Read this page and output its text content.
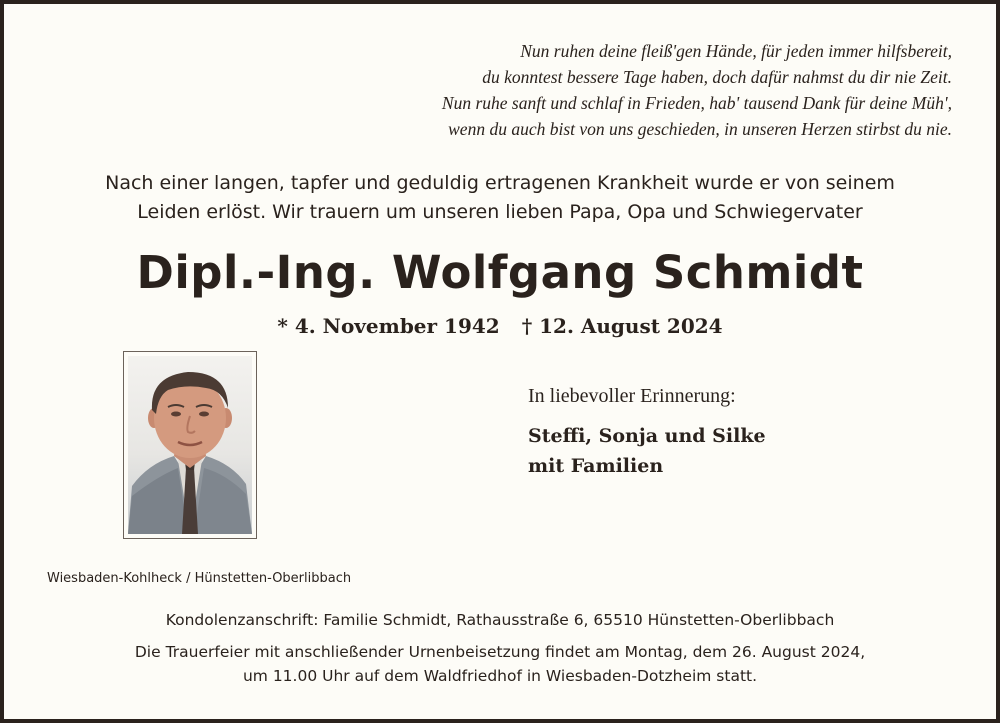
Nun ruhen deine fleiß'gen Hände, für jeden immer hilfsbereit,
du konntest bessere Tage haben, doch dafür nahmst du dir nie Zeit.
Nun ruhe sanft und schlaf in Frieden, hab' tausend Dank für deine Müh',
wenn du auch bist von uns geschieden, in unseren Herzen stirbst du nie.
Nach einer langen, tapfer und geduldig ertragenen Krankheit wurde er von seinem
Leiden erlöst. Wir trauern um unseren lieben Papa, Opa und Schwiegervater
Dipl.-Ing. Wolfgang Schmidt
* 4. November 1942 † 12. August 2024
In liebevoller Erinnerung:
Steffi, Sonja und Silke
mit Familien
Wiesbaden-Kohlheck / Hünstetten-Oberlibbach
Kondolenzanschrift: Familie Schmidt, Rathausstraße 6, 65510 Hünstetten-Oberlibbach
Die Trauerfeier mit anschließender Urnenbeisetzung findet am Montag, dem 26. August 2024,
um 11.00 Uhr auf dem Waldfriedhof in Wiesbaden-Dotzheim statt.
